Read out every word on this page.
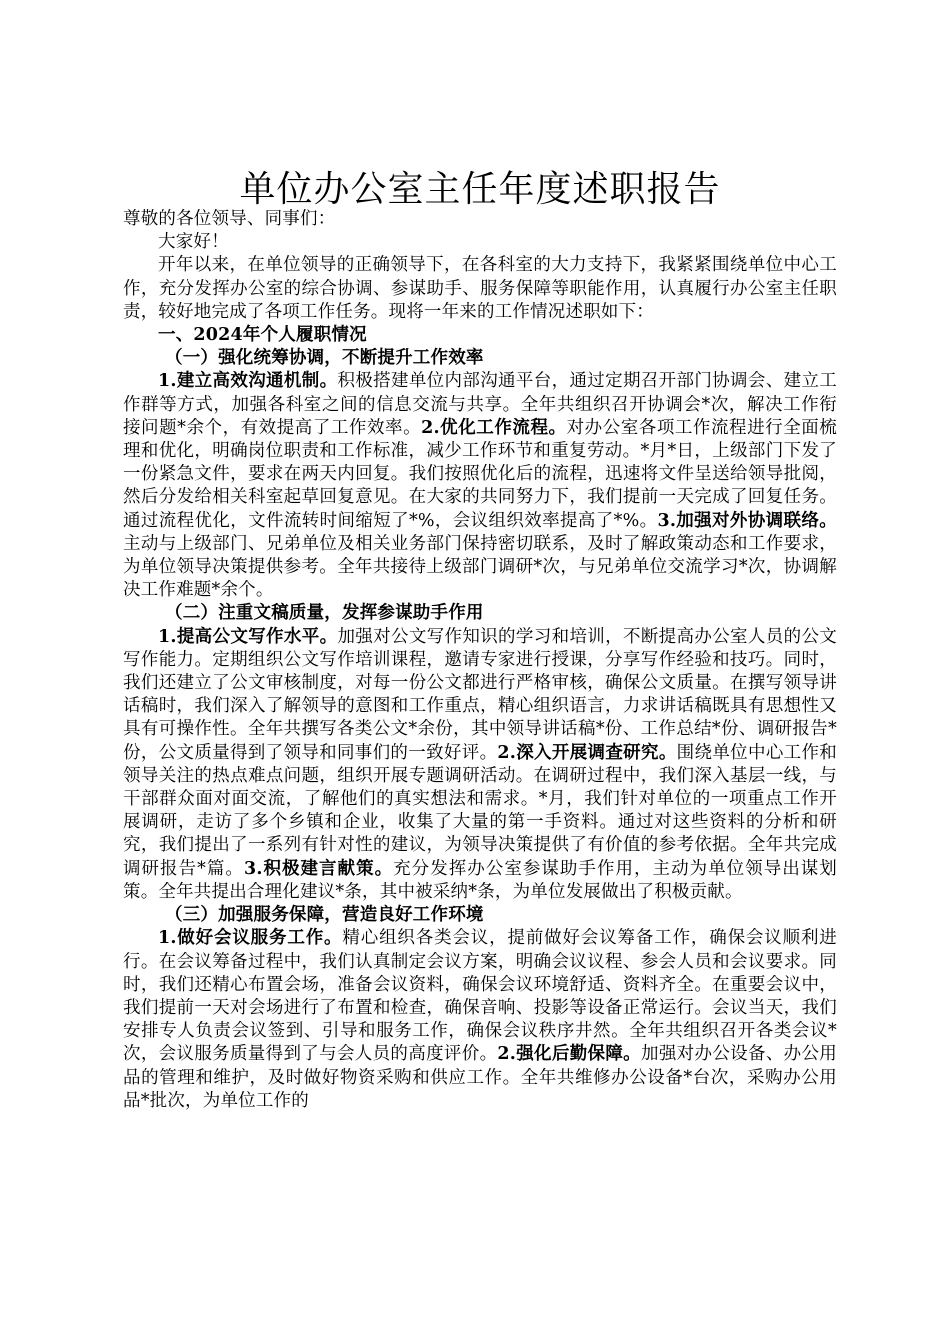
单位办公室主任年度述职报告

尊敬的各位领导、同事们：

大家好！

开年以来，在单位领导的正确领导下，在各科室的大力支持下，我紧紧围绕单位中心工作，充分发挥办公室的综合协调、参谋助手、服务保障等职能作用，认真履行办公室主任职责，较好地完成了各项工作任务。现将一年来的工作情况述职如下：

一、2024年个人履职情况

（一）强化统筹协调，不断提升工作效率

1.建立高效沟通机制。积极搭建单位内部沟通平台，通过定期召开部门协调会、建立工作群等方式，加强各科室之间的信息交流与共享。全年共组织召开协调会*次，解决工作衔接问题*余个，有效提高了工作效率。2.优化工作流程。对办公室各项工作流程进行全面梳理和优化，明确岗位职责和工作标准，减少工作环节和重复劳动。*月*日，上级部门下发了一份紧急文件，要求在两天内回复。我们按照优化后的流程，迅速将文件呈送给领导批阅，然后分发给相关科室起草回复意见。在大家的共同努力下，我们提前一天完成了回复任务。通过流程优化，文件流转时间缩短了*%，会议组织效率提高了*%。3.加强对外协调联络。主动与上级部门、兄弟单位及相关业务部门保持密切联系，及时了解政策动态和工作要求，为单位领导决策提供参考。全年共接待上级部门调研*次，与兄弟单位交流学习*次，协调解决工作难题*余个。

（二）注重文稿质量，发挥参谋助手作用

1.提高公文写作水平。加强对公文写作知识的学习和培训，不断提高办公室人员的公文写作能力。定期组织公文写作培训课程，邀请专家进行授课，分享写作经验和技巧。同时，我们还建立了公文审核制度，对每一份公文都进行严格审核，确保公文质量。在撰写领导讲话稿时，我们深入了解领导的意图和工作重点，精心组织语言，力求讲话稿既具有思想性又具有可操作性。全年共撰写各类公文*余份，其中领导讲话稿*份、工作总结*份、调研报告*份，公文质量得到了领导和同事们的一致好评。2.深入开展调查研究。围绕单位中心工作和领导关注的热点难点问题，组织开展专题调研活动。在调研过程中，我们深入基层一线，与干部群众面对面交流，了解他们的真实想法和需求。*月，我们针对单位的一项重点工作开展调研，走访了多个乡镇和企业，收集了大量的第一手资料。通过对这些资料的分析和研究，我们提出了一系列有针对性的建议，为领导决策提供了有价值的参考依据。全年共完成调研报告*篇。3.积极建言献策。充分发挥办公室参谋助手作用，主动为单位领导出谋划策。全年共提出合理化建议*条，其中被采纳*条，为单位发展做出了积极贡献。

（三）加强服务保障，营造良好工作环境

1.做好会议服务工作。精心组织各类会议，提前做好会议筹备工作，确保会议顺利进行。在会议筹备过程中，我们认真制定会议方案，明确会议议程、参会人员和会议要求。同时，我们还精心布置会场，准备会议资料，确保会议环境舒适、资料齐全。在重要会议中，我们提前一天对会场进行了布置和检查，确保音响、投影等设备正常运行。会议当天，我们安排专人负责会议签到、引导和服务工作，确保会议秩序井然。全年共组织召开各类会议*次，会议服务质量得到了与会人员的高度评价。2.强化后勤保障。加强对办公设备、办公用品的管理和维护，及时做好物资采购和供应工作。全年共维修办公设备*台次，采购办公用品*批次，为单位工作的
